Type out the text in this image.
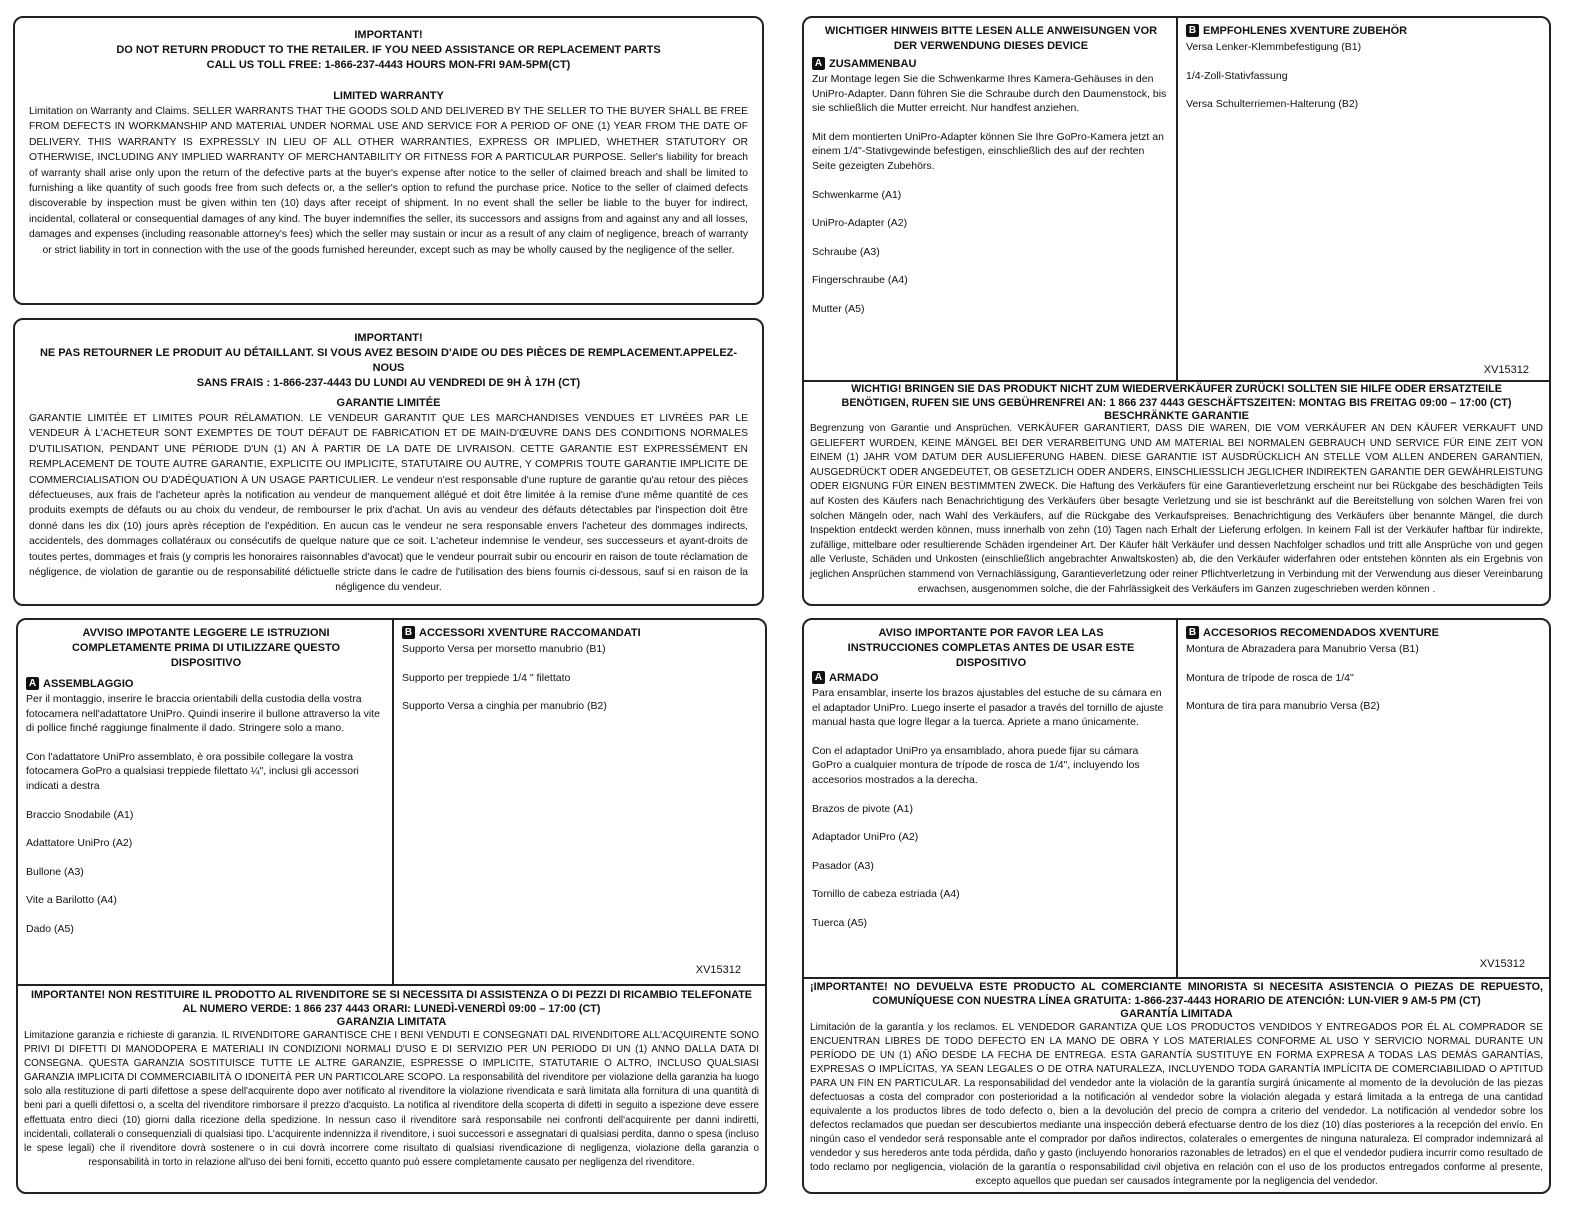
IMPORTANT!
DO NOT RETURN PRODUCT TO THE RETAILER. IF YOU NEED ASSISTANCE OR REPLACEMENT PARTS
CALL US TOLL FREE: 1-866-237-4443 HOURS MON-FRI 9AM-5PM(CT)
LIMITED WARRANTY
Limitation on Warranty and Claims. SELLER WARRANTS THAT THE GOODS SOLD AND DELIVERED BY THE SELLER TO THE BUYER SHALL BE FREE FROM DEFECTS IN WORKMANSHIP AND MATERIAL UNDER NORMAL USE AND SERVICE FOR A PERIOD OF ONE (1) YEAR FROM THE DATE OF DELIVERY. THIS WARRANTY IS EXPRESSLY IN LIEU OF ALL OTHER WARRANTIES, EXPRESS OR IMPLIED, WHETHER STATUTORY OR OTHERWISE, INCLUDING ANY IMPLIED WARRANTY OF MERCHANTABILITY OR FITNESS FOR A PARTICULAR PURPOSE. Seller's liability for breach of warranty shall arise only upon the return of the defective parts at the buyer's expense after notice to the seller of claimed breach and shall be limited to furnishing a like quantity of such goods free from such defects or, a the seller's option to refund the purchase price. Notice to the seller of claimed defects discoverable by inspection must be given within ten (10) days after receipt of shipment. In no event shall the seller be liable to the buyer for indirect, incidental, collateral or consequential damages of any kind. The buyer indemnifies the seller, its successors and assigns from and against any and all losses, damages and expenses (including reasonable attorney's fees) which the seller may sustain or incur as a result of any claim of negligence, breach of warranty or strict liability in tort in connection with the use of the goods furnished hereunder, except such as may be wholly caused by the negligence of the seller.
IMPORTANT!
NE PAS RETOURNER LE PRODUIT AU DÉTAILLANT. SI VOUS AVEZ BESOIN D'AIDE OU DES PIÈCES DE REMPLACEMENT.APPELEZ-NOUS
SANS FRAIS : 1-866-237-4443 DU LUNDI AU VENDREDI DE 9H À 17H (CT)
GARANTIE LIMITÉE
GARANTIE LIMITÉE ET LIMITES POUR RÉLAMATION. LE VENDEUR GARANTIT QUE LES MARCHANDISES VENDUES ET LIVRÉES PAR LE VENDEUR À L'ACHETEUR SONT EXEMPTES DE TOUT DÉFAUT DE FABRICATION ET DE MAIN-D'ŒUVRE DANS DES CONDITIONS NORMALES D'UTILISATION, PENDANT UNE PÉRIODE D'UN (1) AN À PARTIR DE LA DATE DE LIVRAISON. CETTE GARANTIE EST EXPRESSÉMENT EN REMPLACEMENT DE TOUTE AUTRE GARANTIE, EXPLICITE OU IMPLICITE, STATUTAIRE OU AUTRE, Y COMPRIS TOUTE GARANTIE IMPLICITE DE COMMERCIALISATION OU D'ADÉQUATION À UN USAGE PARTICULIER. Le vendeur n'est responsable d'une rupture de garantie qu'au retour des pièces défectueuses, aux frais de l'acheteur après la notification au vendeur de manquement allégué et doit être limitée à la remise d'une même quantité de ces produits exempts de défauts ou au choix du vendeur, de rembourser le prix d'achat. Un avis au vendeur des défauts détectables par l'inspection doit être donné dans les dix (10) jours après réception de l'expédition. En aucun cas le vendeur ne sera responsable envers l'acheteur des dommages indirects, accidentels, des dommages collatéraux ou consécutifs de quelque nature que ce soit. L'acheteur indemnise le vendeur, ses successeurs et ayant-droits de toutes pertes, dommages et frais (y compris les honoraires raisonnables d'avocat) que le vendeur pourrait subir ou encourir en raison de toute réclamation de négligence, de violation de garantie ou de responsabilité délictuelle stricte dans le cadre de l'utilisation des biens fournis ci-dessous, sauf si en raison de la négligence du vendeur.
WICHTIGER HINWEIS BITTE LESEN ALLE ANWEISUNGEN VOR DER VERWENDUNG DIESES DEVICE
A ZUSAMMENBAU
Zur Montage legen Sie die Schwenkarme Ihres Kamera-Gehäuses in den UniPro-Adapter. Dann führen Sie die Schraube durch den Daumenstock, bis sie schließlich die Mutter erreicht. Nur handfest anziehen.
Mit dem montierten UniPro-Adapter können Sie Ihre GoPro-Kamera jetzt an einem 1/4"-Stativgewinde befestigen, einschließlich des auf der rechten Seite gezeigten Zubehörs.
Schwenkarme (A1)
UniPro-Adapter (A2)
Schraube (A3)
Fingerschraube (A4)
Mutter (A5)
B EMPFOHLENES XVENTURE ZUBEHÖR
Versa Lenker-Klemmbefestigung (B1)
1/4-Zoll-Stativfassung
Versa Schulterriemen-Halterung (B2)
XV15312
WICHTIG! BRINGEN SIE DAS PRODUKT NICHT ZUM WIEDERVERKÄUFER ZURÜCK! SOLLTEN SIE HILFE ODER ERSATZTEILE BENÖTIGEN, RUFEN SIE UNS GEBÜHRENFREI AN: 1 866 237 4443 GESCHÄFTSZEITEN: MONTAG BIS FREITAG 09:00 – 17:00 (CT)
BESCHRÄNKTE GARANTIE
Begrenzung von Garantie und Ansprüchen. VERKÄUFER GARANTIERT, DASS DIE WAREN, DIE VOM VERKÄUFER AN DEN KÄUFER VERKAUFT UND GELIEFERT WURDEN, KEINE MÄNGEL BEI DER VERARBEITUNG UND AM MATERIAL BEI NORMALEN GEBRAUCH UND SERVICE FÜR EINE ZEIT VON EINEM (1) JAHR VOM DATUM DER AUSLIEFERUNG HABEN. DIESE GARANTIE IST AUSDRÜCKLICH AN STELLE VOM ALLEN ANDEREN GARANTIEN, AUSGEDRÜCKT ODER ANGEDEUTET, OB GESETZLICH ODER ANDERS, EINSCHLIESSLICH JEGLICHER INDIREKTEN GARANTIE DER GEWÄHRLEISTUNG ODER EIGNUNG FÜR EINEN BESTIMMTEN ZWECK. Die Haftung des Verkäufers für eine Garantieverletzung erscheint nur bei Rückgabe des beschädigten Teils auf Kosten des Käufers nach Benachrichtigung des Verkäufers über besagte Verletzung und sie ist beschränkt auf die Bereitstellung von solchen Waren frei von solchen Mängeln oder, nach Wahl des Verkäufers, auf die Rückgabe des Verkaufspreises. Benachrichtigung des Verkäufers über benannte Mängel, die durch Inspektion entdeckt werden können, muss innerhalb von zehn (10) Tagen nach Erhalt der Lieferung erfolgen. In keinem Fall ist der Verkäufer haftbar für indirekte, zufällige, mittelbare oder resultierende Schäden irgendeiner Art. Der Käufer hält Verkäufer und dessen Nachfolger schadlos und tritt alle Ansprüche von und gegen alle Verluste, Schäden und Unkosten (einschließlich angebrachter Anwaltskosten) ab, die den Verkäufer widerfahren oder entstehen könnten als ein Ergebnis von jeglichen Ansprüchen stammend von Vernachlässigung, Garantieverletzung oder reiner Pflichtverletzung in Verbindung mit der Verwendung aus dieser Vereinbarung erwachsen, ausgenommen solche, die der Fahrlässigkeit des Verkäufers im Ganzen zugeschrieben werden können .
AVVISO IMPOTANTE LEGGERE LE ISTRUZIONI COMPLETAMENTE PRIMA DI UTILIZZARE QUESTO DISPOSITIVO
A ASSEMBLAGGIO
Per il montaggio, inserire le braccia orientabili della custodia della vostra fotocamera nell'adattatore UniPro. Quindi inserire il bullone attraverso la vite di pollice finché raggiunge finalmente il dado. Stringere solo a mano.
Con l'adattatore UniPro assemblato, è ora possibile collegare la vostra fotocamera GoPro a qualsiasi treppiede filettato ¼", inclusi gli accessori indicati a destra
Braccio Snodabile (A1)
Adattatore UniPro (A2)
Bullone (A3)
Vite a Barilotto (A4)
Dado (A5)
B ACCESSORI XVENTURE RACCOMANDATI
Supporto Versa per morsetto manubrio (B1)
Supporto per treppiede 1/4 " filettato
Supporto Versa a cinghia per manubrio (B2)
XV15312
IMPORTANTE! NON RESTITUIRE IL PRODOTTO AL RIVENDITORE SE SI NECESSITA DI ASSISTENZA O DI PEZZI DI RICAMBIO TELEFONATE AL NUMERO VERDE: 1 866 237 4443 ORARI: LUNEDÌ-VENERDÌ 09:00 – 17:00 (CT)
GARANZIA LIMITATA
Limitazione garanzia e richieste di garanzia. IL RIVENDITORE GARANTISCE CHE I BENI VENDUTI E CONSEGNATI DAL RIVENDITORE ALL'ACQUIRENTE SONO PRIVI DI DIFETTI DI MANODOPERA E MATERIALI IN CONDIZIONI NORMALI D'USO E DI SERVIZIO PER UN PERIODO DI UN (1) ANNO DALLA DATA DI CONSEGNA. QUESTA GARANZIA SOSTITUISCE TUTTE LE ALTRE GARANZIE, ESPRESSE O IMPLICITE, STATUTARIE O ALTRO, INCLUSO QUALSIASI GARANZIA IMPLICITA DI COMMERCIABILITÀ O IDONEITÀ PER UN PARTICOLARE SCOPO. La responsabilità del rivenditore per violazione della garanzia ha luogo solo alla restituzione di parti difettose a spese dell'acquirente dopo aver notificato al rivenditore la violazione rivendicata e sarà limitata alla fornitura di una quantità di beni pari a quelli difettosi o, a scelta del rivenditore rimborsare il prezzo d'acquisto. La notifica al rivenditore della scoperta di difetti in seguito a ispezione deve essere effettuata entro dieci (10) giorni dalla ricezione della spedizione. In nessun caso il rivenditore sarà responsabile nei confronti dell'acquirente per danni indiretti, incidentali, collaterali o consequenziali di qualsiasi tipo. L'acquirente indennizza il rivenditore, i suoi successori e assegnatari di qualsiasi perdita, danno o spesa (incluso le spese legali) che il rivenditore dovrà sostenere o in cui dovrà incorrere come risultato di qualsiasi rivendicazione di negligenza, violazione della garanzia o responsabilità in torto in relazione all'uso dei beni forniti, eccetto quanto può essere completamente causato per negligenza del rivenditore.
AVISO IMPORTANTE POR FAVOR LEA LAS INSTRUCCIONES COMPLETAS ANTES DE USAR ESTE DISPOSITIVO
A ARMADO
Para ensamblar, inserte los brazos ajustables del estuche de su cámara en el adaptador UniPro. Luego inserte el pasador a través del tornillo de ajuste manual hasta que logre llegar a la tuerca. Apriete a mano únicamente.
Con el adaptador UniPro ya ensamblado, ahora puede fijar su cámara GoPro a cualquier montura de trípode de rosca de 1/4", incluyendo los accesorios mostrados a la derecha.
Brazos de pivote (A1)
Adaptador UniPro (A2)
Pasador (A3)
Tornillo de cabeza estriada (A4)
Tuerca (A5)
B ACCESORIOS RECOMENDADOS XVENTURE
Montura de Abrazadera para Manubrio Versa (B1)
Montura de trípode de rosca de 1/4"
Montura de tira para manubrio Versa (B2)
XV15312
¡IMPORTANTE! NO DEVUELVA ESTE PRODUCTO AL COMERCIANTE MINORISTA SI NECESITA ASISTENCIA O PIEZAS DE REPUESTO, COMUNÍQUESE CON NUESTRA LÍNEA GRATUITA: 1-866-237-4443 HORARIO DE ATENCIÓN: LUN-VIER 9 AM-5 PM (CT)
GARANTÍA LIMITADA
Limitación de la garantía y los reclamos. EL VENDEDOR GARANTIZA QUE LOS PRODUCTOS VENDIDOS Y ENTREGADOS POR ÉL AL COMPRADOR SE ENCUENTRAN LIBRES DE TODO DEFECTO EN LA MANO DE OBRA Y LOS MATERIALES CONFORME AL USO Y SERVICIO NORMAL DURANTE UN PERÍODO DE UN (1) AÑO DESDE LA FECHA DE ENTREGA. ESTA GARANTÍA SUSTITUYE EN FORMA EXPRESA A TODAS LAS DEMÁS GARANTÍAS, EXPRESAS O IMPLÍCITAS, YA SEAN LEGALES O DE OTRA NATURALEZA, INCLUYENDO TODA GARANTÍA IMPLÍCITA DE COMERCIABILIDAD O APTITUD PARA UN FIN EN PARTICULAR. La responsabilidad del vendedor ante la violación de la garantía surgirá únicamente al momento de la devolución de las piezas defectuosas a costa del comprador con posterioridad a la notificación al vendedor sobre la violación alegada y estará limitada a la entrega de una cantidad equivalente a los productos libres de todo defecto o, bien a la devolución del precio de compra a criterio del vendedor. La notificación al vendedor sobre los defectos reclamados que puedan ser descubiertos mediante una inspección deberá efectuarse dentro de los diez (10) días posteriores a la recepción del envío. En ningún caso el vendedor será responsable ante el comprador por daños indirectos, colaterales o emergentes de ninguna naturaleza. El comprador indemnizará al vendedor y sus herederos ante toda pérdida, daño y gasto (incluyendo honorarios razonables de letrados) en el que el vendedor pudiera incurrir como resultado de todo reclamo por negligencia, violación de la garantía o responsabilidad civil objetiva en relación con el uso de los productos entregados conforme al presente, excepto aquellos que puedan ser causados íntegramente por la negligencia del vendedor.
